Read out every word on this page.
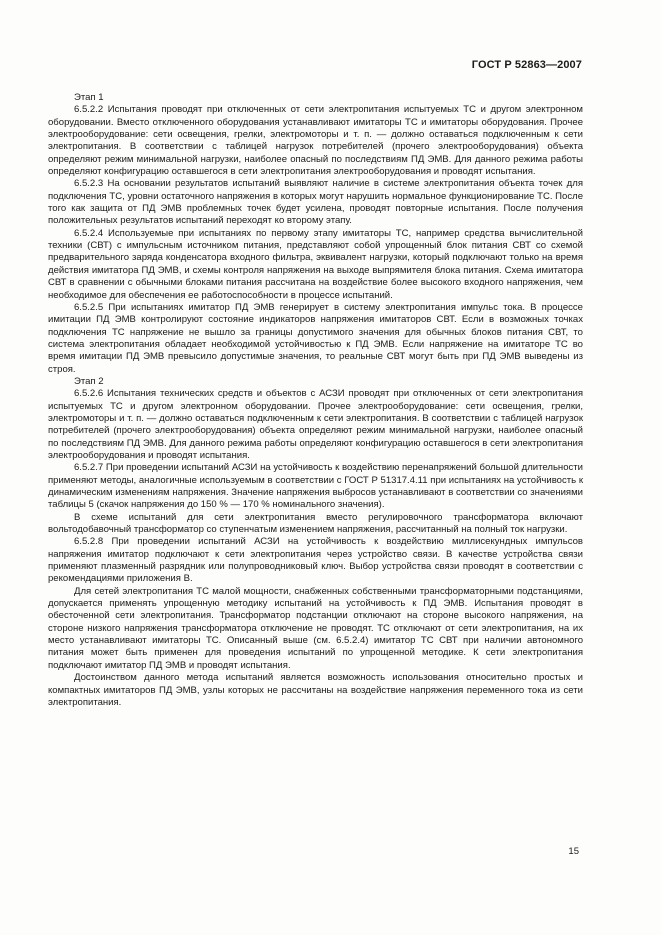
ГОСТ Р 52863—2007

Этап 1

6.5.2.2 Испытания проводят при отключенных от сети электропитания испытуемых ТС и другом электронном оборудовании. Вместо отключенного оборудования устанавливают имитаторы ТС и имитаторы оборудования. Прочее электрооборудование: сети освещения, грелки, электромоторы и т. п. — должно оставаться подключенным к сети электропитания. В соответствии с таблицей нагрузок потребителей (прочего электрооборудования) объекта определяют режим минимальной нагрузки, наиболее опасный по последствиям ПД ЭМВ. Для данного режима работы определяют конфигурацию оставшегося в сети электропитания электрооборудования и проводят испытания.

6.5.2.3 На основании результатов испытаний выявляют наличие в системе электропитания объекта точек для подключения ТС, уровни остаточного напряжения в которых могут нарушить нормальное функционирование ТС. После того как защита от ПД ЭМВ проблемных точек будет усилена, проводят повторные испытания. После получения положительных результатов испытаний переходят ко второму этапу.

6.5.2.4 Используемые при испытаниях по первому этапу имитаторы ТС, например средства вычислительной техники (СВТ) с импульсным источником питания, представляют собой упрощенный блок питания СВТ со схемой предварительного заряда конденсатора входного фильтра, эквивалент нагрузки, который подключают только на время действия имитатора ПД ЭМВ, и схемы контроля напряжения на выходе выпрямителя блока питания. Схема имитатора СВТ в сравнении с обычными блоками питания рассчитана на воздействие более высокого входного напряжения, чем необходимое для обеспечения ее работоспособности в процессе испытаний.

6.5.2.5 При испытаниях имитатор ПД ЭМВ генерирует в систему электропитания импульс тока. В процессе имитации ПД ЭМВ контролируют состояние индикаторов напряжения имитаторов СВТ. Если в возможных точках подключения ТС напряжение не вышло за границы допустимого значения для обычных блоков питания СВТ, то система электропитания обладает необходимой устойчивостью к ПД ЭМВ. Если напряжение на имитаторе ТС во время имитации ПД ЭМВ превысило допустимые значения, то реальные СВТ могут быть при ПД ЭМВ выведены из строя.

Этап 2

6.5.2.6 Испытания технических средств и объектов с АСЗИ проводят при отключенных от сети электропитания испытуемых ТС и другом электронном оборудовании. Прочее электрооборудование: сети освещения, грелки, электромоторы и т. п. — должно оставаться подключенным к сети электропитания. В соответствии с таблицей нагрузок потребителей (прочего электрооборудования) объекта определяют режим минимальной нагрузки, наиболее опасный по последствиям ПД ЭМВ. Для данного режима работы определяют конфигурацию оставшегося в сети электропитания электрооборудования и проводят испытания.

6.5.2.7 При проведении испытаний АСЗИ на устойчивость к воздействию перенапряжений большой длительности применяют методы, аналогичные используемым в соответствии с ГОСТ Р 51317.4.11 при испытаниях на устойчивость к динамическим изменениям напряжения. Значение напряжения выбросов устанавливают в соответствии со значениями таблицы 5 (скачок напряжения до 150 % — 170 % номинального значения).

В схеме испытаний для сети электропитания вместо регулировочного трансформатора включают вольтодобавочный трансформатор со ступенчатым изменением напряжения, рассчитанный на полный ток нагрузки.

6.5.2.8 При проведении испытаний АСЗИ на устойчивость к воздействию миллисекундных импульсов напряжения имитатор подключают к сети электропитания через устройство связи. В качестве устройства связи применяют плазменный разрядник или полупроводниковый ключ. Выбор устройства связи проводят в соответствии с рекомендациями приложения В.

Для сетей электропитания ТС малой мощности, снабженных собственными трансформаторными подстанциями, допускается применять упрощенную методику испытаний на устойчивость к ПД ЭМВ. Испытания проводят в обесточенной сети электропитания. Трансформатор подстанции отключают на стороне высокого напряжения, на стороне низкого напряжения трансформатора отключение не проводят. ТС отключают от сети электропитания, на их место устанавливают имитаторы ТС. Описанный выше (см. 6.5.2.4) имитатор ТС СВТ при наличии автономного питания может быть применен для проведения испытаний по упрощенной методике. К сети электропитания подключают имитатор ПД ЭМВ и проводят испытания.

Достоинством данного метода испытаний является возможность использования относительно простых и компактных имитаторов ПД ЭМВ, узлы которых не рассчитаны на воздействие напряжения переменного тока из сети электропитания.

15
